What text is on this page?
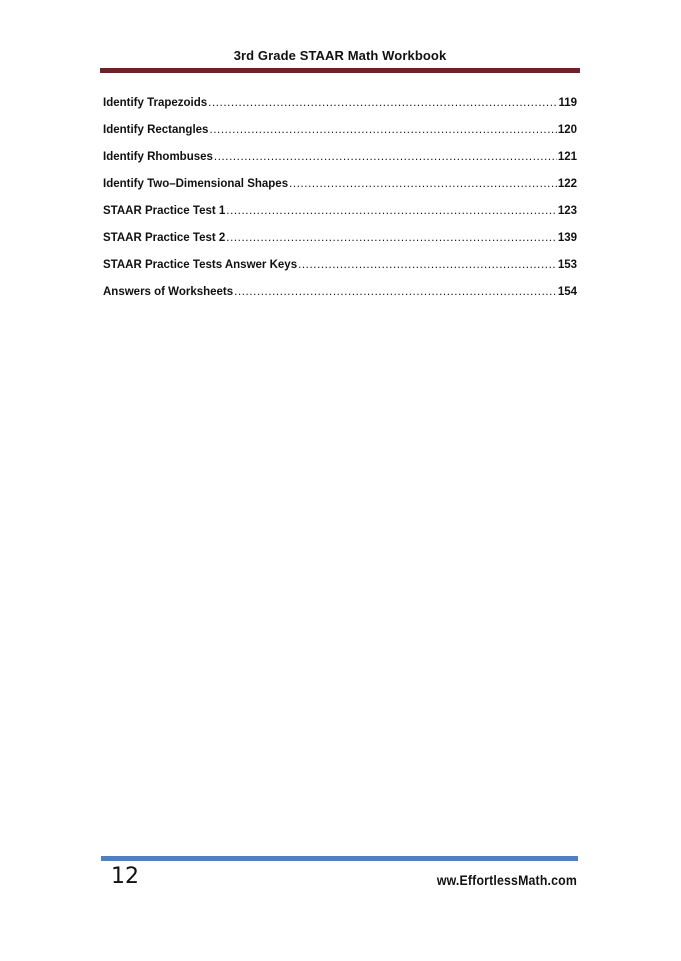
3rd Grade STAAR Math Workbook
Identify Trapezoids .....	119
Identify Rectangles .....	120
Identify Rhombuses .....	121
Identify Two–Dimensional Shapes .....	122
STAAR Practice Test 1 .....	123
STAAR Practice Test 2 .....	139
STAAR Practice Tests Answer Keys .....	153
Answers of Worksheets .....	154
12	ww.EffortlessMath.com
